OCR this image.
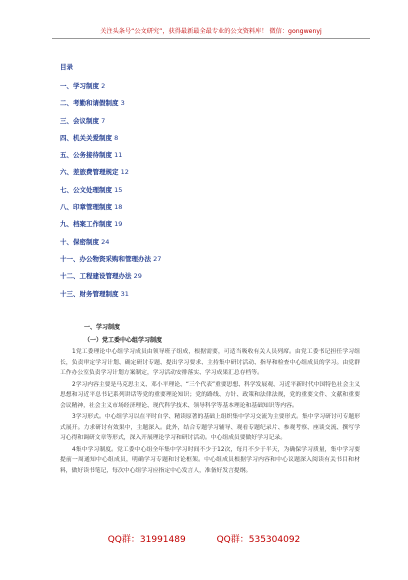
关注头条号“公文研究”，获得最新最全最专业的公文资料库！ 微信：gongwenyj
目录
一、学习制度 2
二、考勤和请假制度 3
三、会议制度 7
四、机关关爱制度 8
五、公务接待制度 11
六、差旅费管理规定 12
七、公文处理制度 15
八、印章管理制度 18
九、档案工作制度 19
十、保密制度 24
十一、办公物资采购和管理办法 27
十二、工程建设管理办法 29
十三、财务管理制度 31
一、学习制度
（一）党工委中心组学习制度

1党工委理论中心组学习成员由领导班子组成，根据需要，可适当吸收有关人员列席。由党工委书记担任学习组长，负责审定学习计划、确定研讨专题、提出学习要求、主持集中研讨活动、指导和检查中心组成员的学习。由党群工作办公室负责学习计划方案制定，学习活动安排落实、学习成果汇总存档等。

2学习内容主要是马克思主义、邓小平理论、“三个代表”重要思想、科学发展观、习近平新时代中国特色社会主义思想和习近平总书记系列讲话等党的重要理论知识；党的路线、方针、政策和法律法规，党的重要文件、文献和重要会议精神，社会主义市场经济理论、现代科学技术、领导科学等基本理论和基础知识等内容。

3学习形式。中心组学习以在平时自学、精读原著的基础上组织集中学习交流为主要形式。集中学习研讨可专题形式展开。力求研讨有效果中，主题深入。此外，结合专题学习辅导、观看专题纪录片、参观考察、座谈交流、撰写学习心得和调研文章等形式，深入开展理论学习和研讨活动。中心组成员要做好学习记录。

4集中学习制度。党工委中心组全年集中学习时间不少于12次，每月不少于半天，为确保学习质量，集中学习要提前一周通知中心组成员，明确学习专题和讨论框架。中心组成员根据学习内容和中心议题深入阅读有关书目和材料，做好读书笔记，每次中心组学习应指定中心发言人，准备好发言提纲。

QQ群：31991489	QQ群：535304092
